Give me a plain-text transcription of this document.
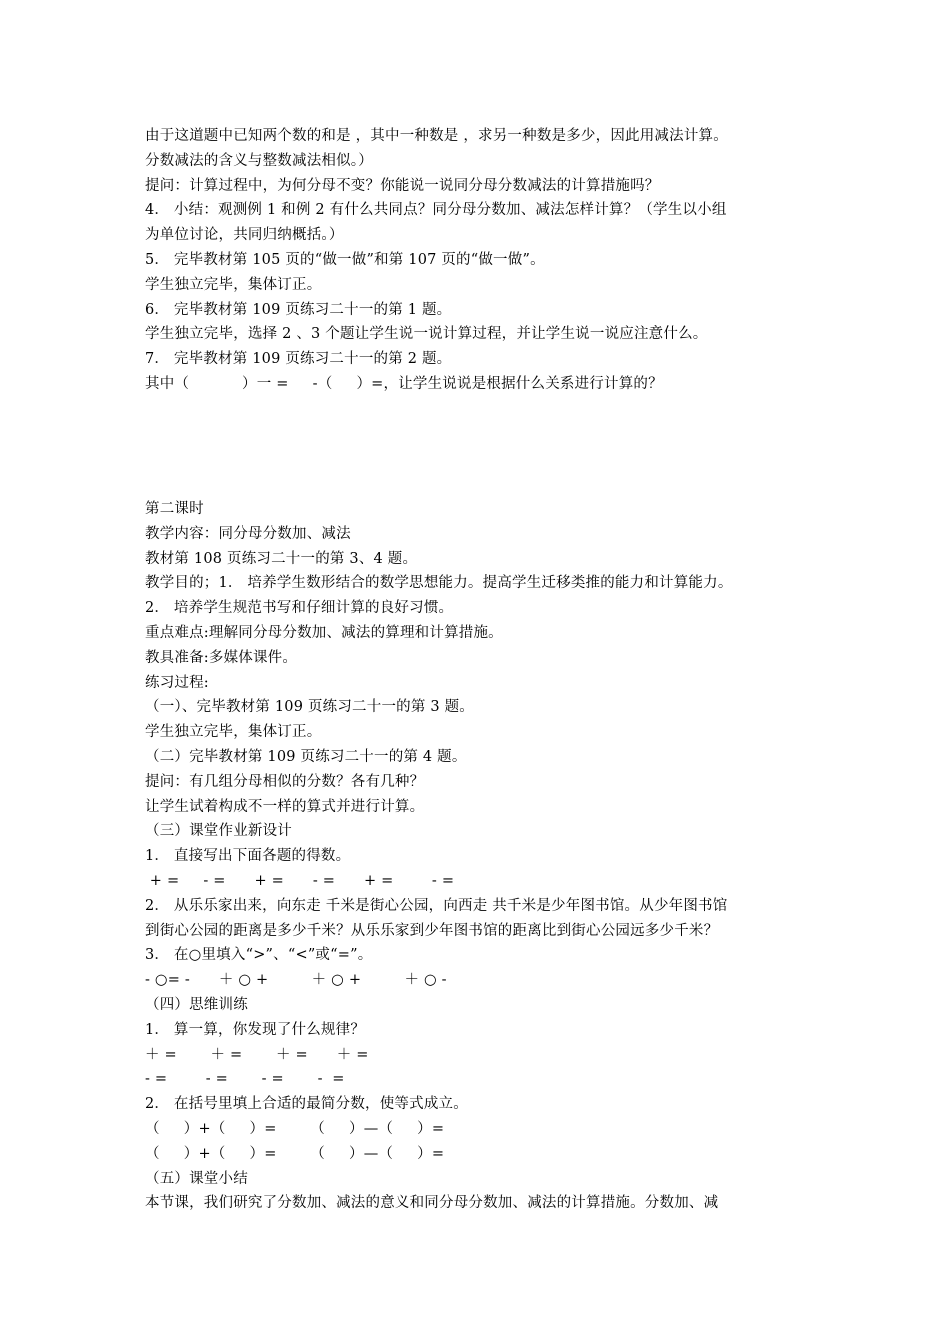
由于这道题中已知两个数的和是 ，其中一种数是 ，求另一种数是多少，因此用减法计算。
分数减法的含义与整数减法相似。）
提问：计算过程中，为何分母不变？你能说一说同分母分数减法的计算措施吗？
4． 小结：观测例 1 和例 2 有什么共同点？同分母分数加、减法怎样计算？（学生以小组
为单位讨论，共同归纳概括。）
5． 完毕教材第 105 页的“做一做”和第 107 页的“做一做”。
学生独立完毕，集体订正。
6． 完毕教材第 109 页练习二十一的第 1 题。
学生独立完毕，选择 2 、3 个题让学生说一说计算过程，并让学生说一说应注意什么。
7． 完毕教材第 109 页练习二十一的第 2 题。
其中（           ）一 =     -（     ）=，让学生说说是根据什么关系进行计算的？
第二课时
教学内容：同分母分数加、减法
教材第 108 页练习二十一的第 3、4 题。
教学目的；1． 培养学生数形结合的数学思想能力。提高学生迁移类推的能力和计算能力。
2． 培养学生规范书写和仔细计算的良好习惯。
重点难点:理解同分母分数加、减法的算理和计算措施。
教具准备:多媒体课件。
练习过程:
（一）、完毕教材第 109 页练习二十一的第 3 题。
学生独立完毕，集体订正。
（二）完毕教材第 109 页练习二十一的第 4 题。
提问：有几组分母相似的分数？各有几种？
让学生试着构成不一样的算式并进行计算。
（三）课堂作业新设计
1． 直接写出下面各题的得数。
+ =     - =      + =      - =      + =        - =
2． 从乐乐家出来，向东走 千米是街心公园，向西走 共千米是少年图书馆。从少年图书馆
到街心公园的距离是多少千米？从乐乐家到少年图书馆的距离比到街心公园远多少千米？
3． 在○里填入“>”、“<”或“=”。
- ○= -      ＋ ○ +         ＋ ○ +         ＋ ○ -
（四）思维训练
1． 算一算，你发现了什么规律？
＋ =       ＋ =       ＋ =      ＋ =
- =        - =       - =       -  =
2． 在括号里填上合适的最简分数，使等式成立。
（     ）+（     ）=       （     ）—（     ）=
（     ）+（     ）=       （     ）—（     ）=
（五）课堂小结
本节课，我们研究了分数加、减法的意义和同分母分数加、减法的计算措施。分数加、减
